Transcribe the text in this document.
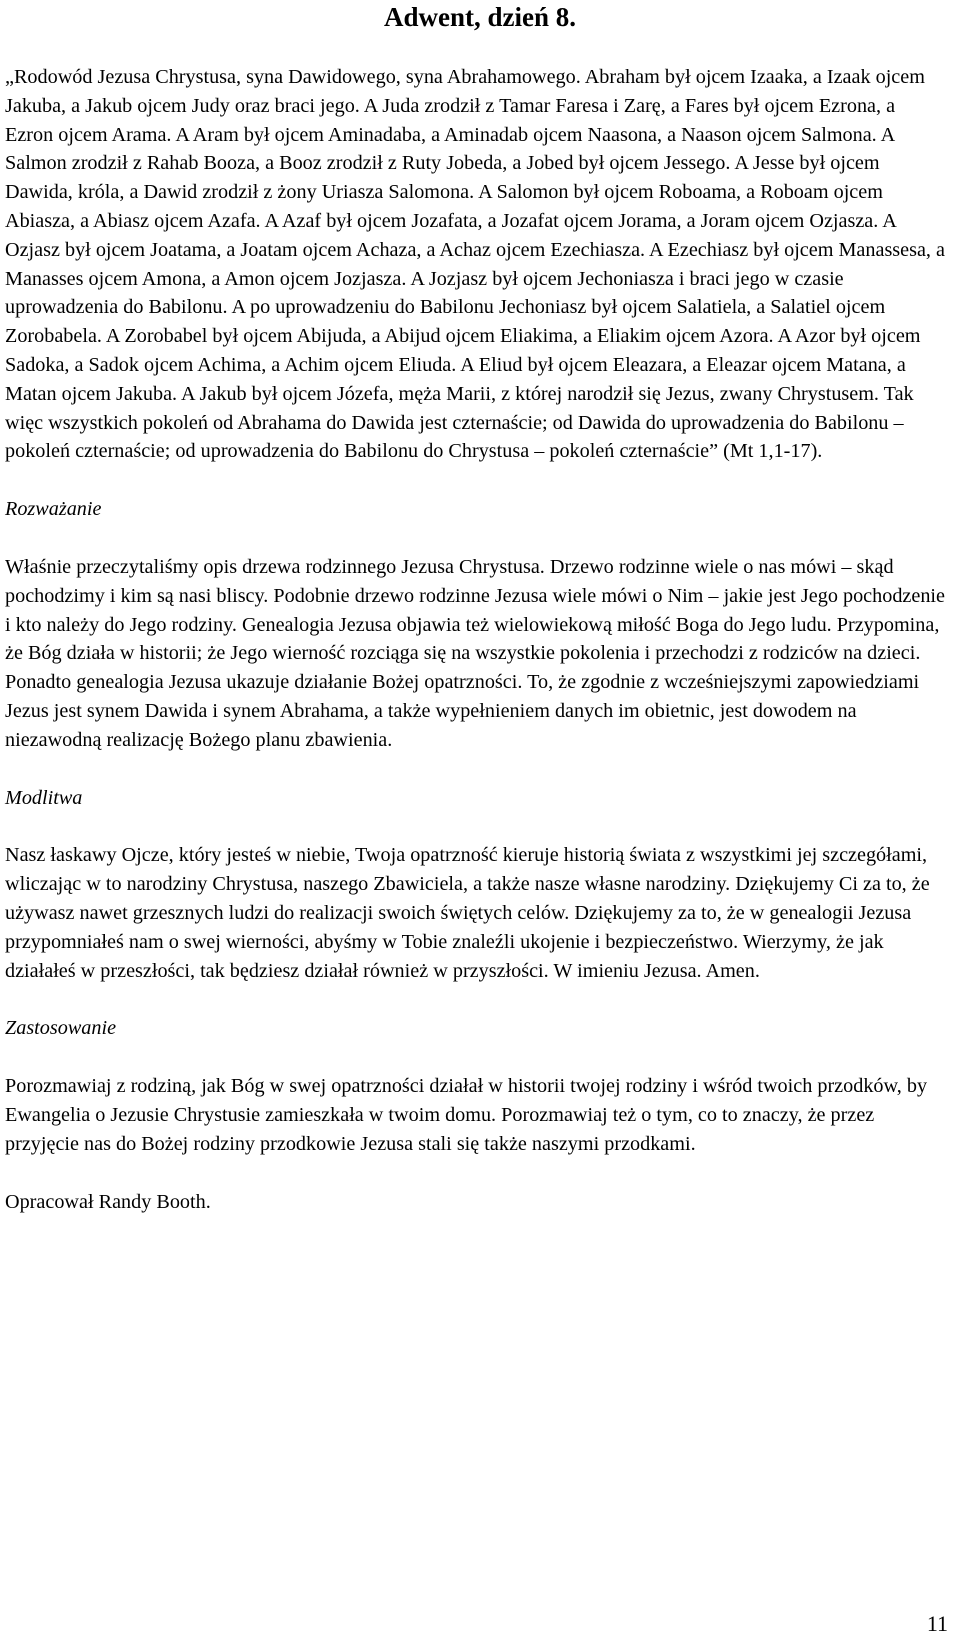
Adwent, dzień 8.

„Rodowód Jezusa Chrystusa, syna Dawidowego, syna Abrahamowego. Abraham był ojcem Izaaka, a Izaak ojcem Jakuba, a Jakub ojcem Judy oraz braci jego. A Juda zrodził z Tamar Faresa i Zarę, a Fares był ojcem Ezrona, a Ezron ojcem Arama. A Aram był ojcem Aminadaba, a Aminadab ojcem Naasona, a Naason ojcem Salmona. A Salmon zrodził z Rahab Booza, a Booz zrodził z Ruty Jobeda, a Jobed był ojcem Jessego. A Jesse był ojcem Dawida, króla, a Dawid zrodził z żony Uriasza Salomona. A Salomon był ojcem Roboama, a Roboam ojcem Abiasza, a Abiasz ojcem Azafa. A Azaf był ojcem Jozafata, a Jozafat ojcem Jorama, a Joram ojcem Ozjasza. A Ozjasz był ojcem Joatama, a Joatam ojcem Achaza, a Achaz ojcem Ezechiasza. A Ezechiasz był ojcem Manassesa, a Manasses ojcem Amona, a Amon ojcem Jozjasza. A Jozjasz był ojcem Jechoniasza i braci jego w czasie uprowadzenia do Babilonu. A po uprowadzeniu do Babilonu Jechoniasz był ojcem Salatiela, a Salatiel ojcem Zorobabela. A Zorobabel był ojcem Abijuda, a Abijud ojcem Eliakima, a Eliakim ojcem Azora. A Azor był ojcem Sadoka, a Sadok ojcem Achima, a Achim ojcem Eliuda. A Eliud był ojcem Eleazara, a Eleazar ojcem Matana, a Matan ojcem Jakuba. A Jakub był ojcem Józefa, męża Marii, z której narodził się Jezus, zwany Chrystusem. Tak więc wszystkich pokoleń od Abrahama do Dawida jest czternaście; od Dawida do uprowadzenia do Babilonu – pokoleń czternaście; od uprowadzenia do Babilonu do Chrystusa – pokoleń czternaście” (Mt 1,1-17).

Rozważanie

Właśnie przeczytaliśmy opis drzewa rodzinnego Jezusa Chrystusa. Drzewo rodzinne wiele o nas mówi – skąd pochodzimy i kim są nasi bliscy. Podobnie drzewo rodzinne Jezusa wiele mówi o Nim – jakie jest Jego pochodzenie i kto należy do Jego rodziny. Genealogia Jezusa objawia też wielowiekową miłość Boga do Jego ludu. Przypomina, że Bóg działa w historii; że Jego wierność rozciąga się na wszystkie pokolenia i przechodzi z rodziców na dzieci. Ponadto genealogia Jezusa ukazuje działanie Bożej opatrzności. To, że zgodnie z wcześniejszymi zapowiedziami Jezus jest synem Dawida i synem Abrahama, a także wypełnieniem danych im obietnic, jest dowodem na niezawodną realizację Bożego planu zbawienia.

Modlitwa

Nasz łaskawy Ojcze, który jesteś w niebie, Twoja opatrzność kieruje historią świata z wszystkimi jej szczegółami, wliczając w to narodziny Chrystusa, naszego Zbawiciela, a także nasze własne narodziny. Dziękujemy Ci za to, że używasz nawet grzesznych ludzi do realizacji swoich świętych celów. Dziękujemy za to, że w genealogii Jezusa przypomniałeś nam o swej wierności, abyśmy w Tobie znaleźli ukojenie i bezpieczeństwo. Wierzymy, że jak działałeś w przeszłości, tak będziesz działał również w przyszłości. W imieniu Jezusa. Amen.

Zastosowanie

Porozmawiaj z rodziną, jak Bóg w swej opatrzności działał w historii twojej rodziny i wśród twoich przodków, by Ewangelia o Jezusie Chrystusie zamieszkała w twoim domu. Porozmawiaj też o tym, co to znaczy, że przez przyjęcie nas do Bożej rodziny przodkowie Jezusa stali się także naszymi przodkami.

Opracował Randy Booth.

11
